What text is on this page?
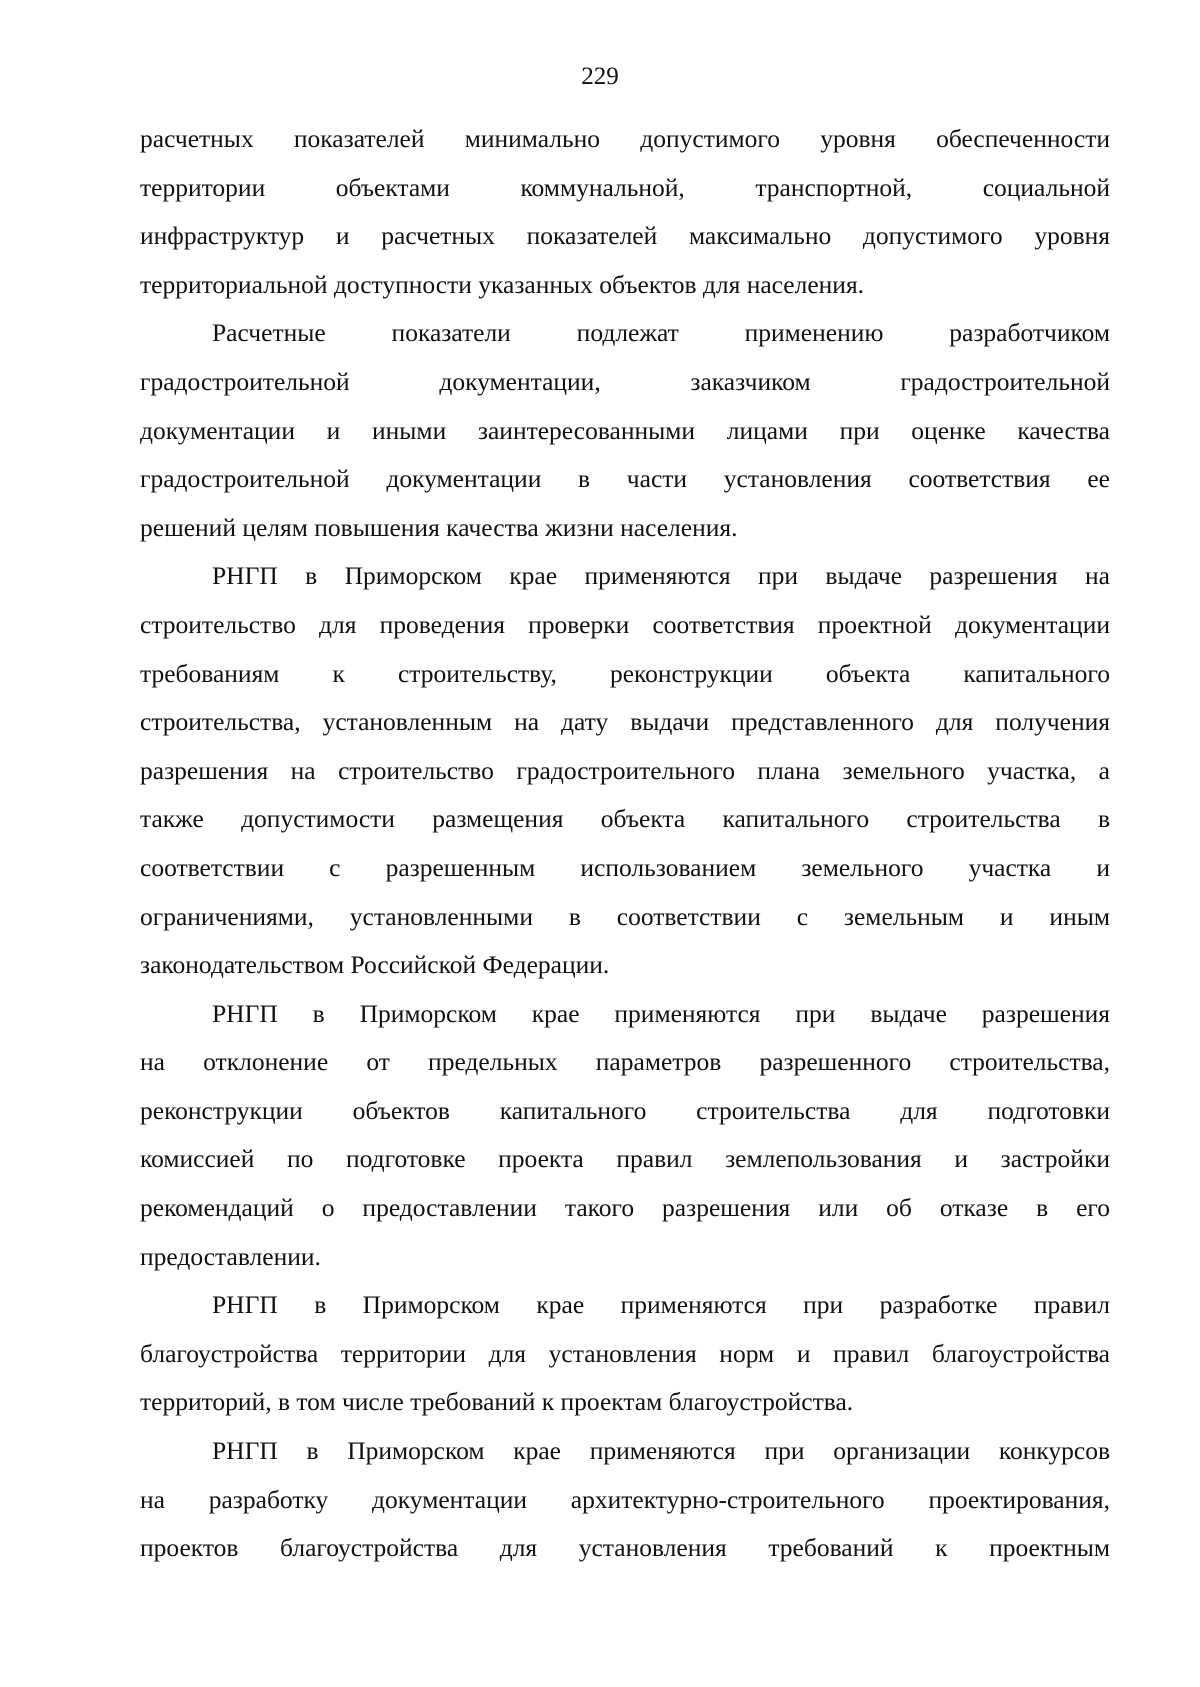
229
расчетных показателей минимально допустимого уровня обеспеченности
территории объектами коммунальной, транспортной, социальной
инфраструктур и расчетных показателей максимально допустимого уровня
территориальной доступности указанных объектов для населения.
Расчетные показатели подлежат применению разработчиком
градостроительной документации, заказчиком градостроительной
документации и иными заинтересованными лицами при оценке качества
градостроительной документации в части установления соответствия ее
решений целям повышения качества жизни населения.
РНГП в Приморском крае применяются при выдаче разрешения на
строительство для проведения проверки соответствия проектной документации
требованиям к строительству, реконструкции объекта капитального
строительства, установленным на дату выдачи представленного для получения
разрешения на строительство градостроительного плана земельного участка, а
также допустимости размещения объекта капитального строительства в
соответствии с разрешенным использованием земельного участка и
ограничениями, установленными в соответствии с земельным и иным
законодательством Российской Федерации.
РНГП в Приморском крае применяются при выдаче разрешения
на отклонение от предельных параметров разрешенного строительства,
реконструкции объектов капитального строительства для подготовки
комиссией по подготовке проекта правил землепользования и застройки
рекомендаций о предоставлении такого разрешения или об отказе в его
предоставлении.
РНГП в Приморском крае применяются при разработке правил
благоустройства территории для установления норм и правил благоустройства
территорий, в том числе требований к проектам благоустройства.
РНГП в Приморском крае применяются при организации конкурсов
на разработку документации архитектурно-строительного проектирования,
проектов благоустройства для установления требований к проектным
